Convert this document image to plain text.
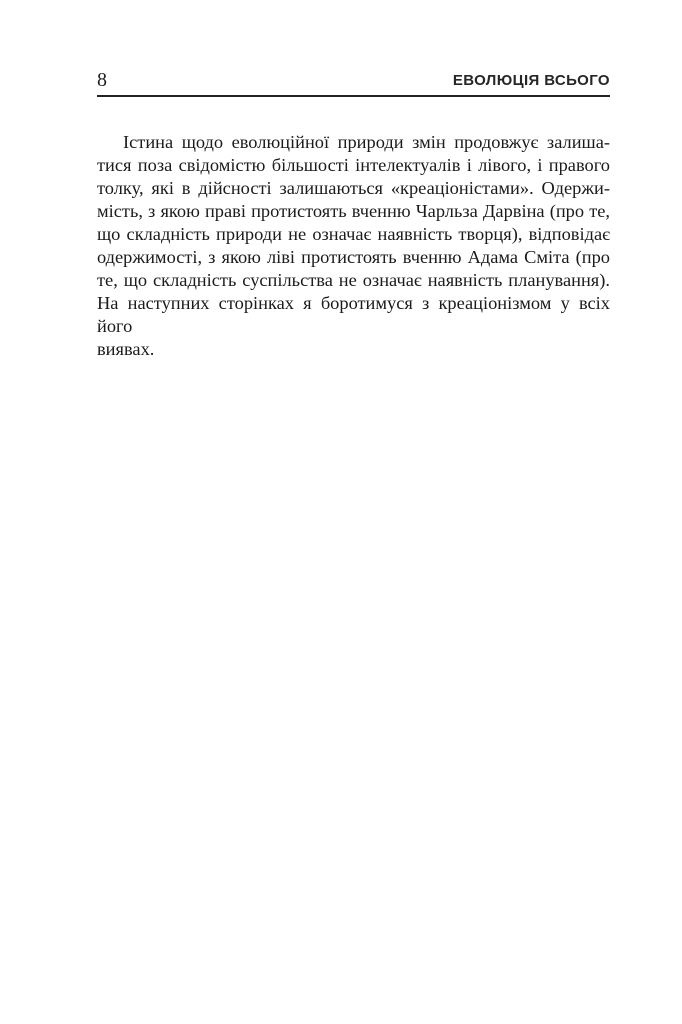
8	ЕВОЛЮЦІЯ ВСЬОГО
Істина щодо еволюційної природи змін продовжує залиша-
тися поза свідомістю більшості інтелектуалів і лівого, і правого
толку, які в дійсності залишаються «креаціоністами». Одержи-
мість, з якою праві протистоять вченню Чарльза Дарвіна (про те,
що складність природи не означає наявність творця), відповідає
одержимості, з якою ліві протистоять вченню Адама Сміта (про
те, що складність суспільства не означає наявність планування).
На наступних сторінках я боротимуся з креаціонізмом у всіх його
виявах.
